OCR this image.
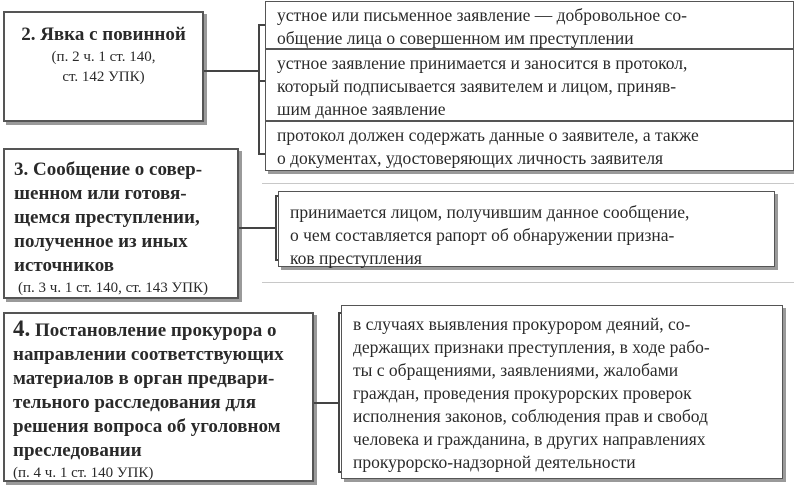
2. Явка с повинной
(п. 2 ч. 1 ст. 140,
ст. 142 УПК)
устное или письменное заявление — добровольное со-
общение лица о совершенном им преступлении
устное заявление принимается и заносится в протокол,
который подписывается заявителем и лицом, приняв-
шим данное заявление
протокол должен содержать данные о заявителе, а также
о документах, удостоверяющих личность заявителя
3. Сообщение о совер-
шенном или готовя-
щемся преступлении,
полученное из иных
источников
(п. 3 ч. 1 ст. 140, ст. 143 УПК)
принимается лицом, получившим данное сообщение,
о чем составляется рапорт об обнаружении призна-
ков преступления
4. Постановление прокурора о
направлении соответствующих
материалов в орган предвари-
тельного расследования для
решения вопроса об уголовном
преследовании
(п. 4 ч. 1 ст. 140 УПК)
в случаях выявления прокурором деяний, со-
держащих признаки преступления, в ходе рабо-
ты с обращениями, заявлениями, жалобами
граждан, проведения прокурорских проверок
исполнения законов, соблюдения прав и свобод
человека и гражданина, в других направлениях
прокурорско-надзорной деятельности
